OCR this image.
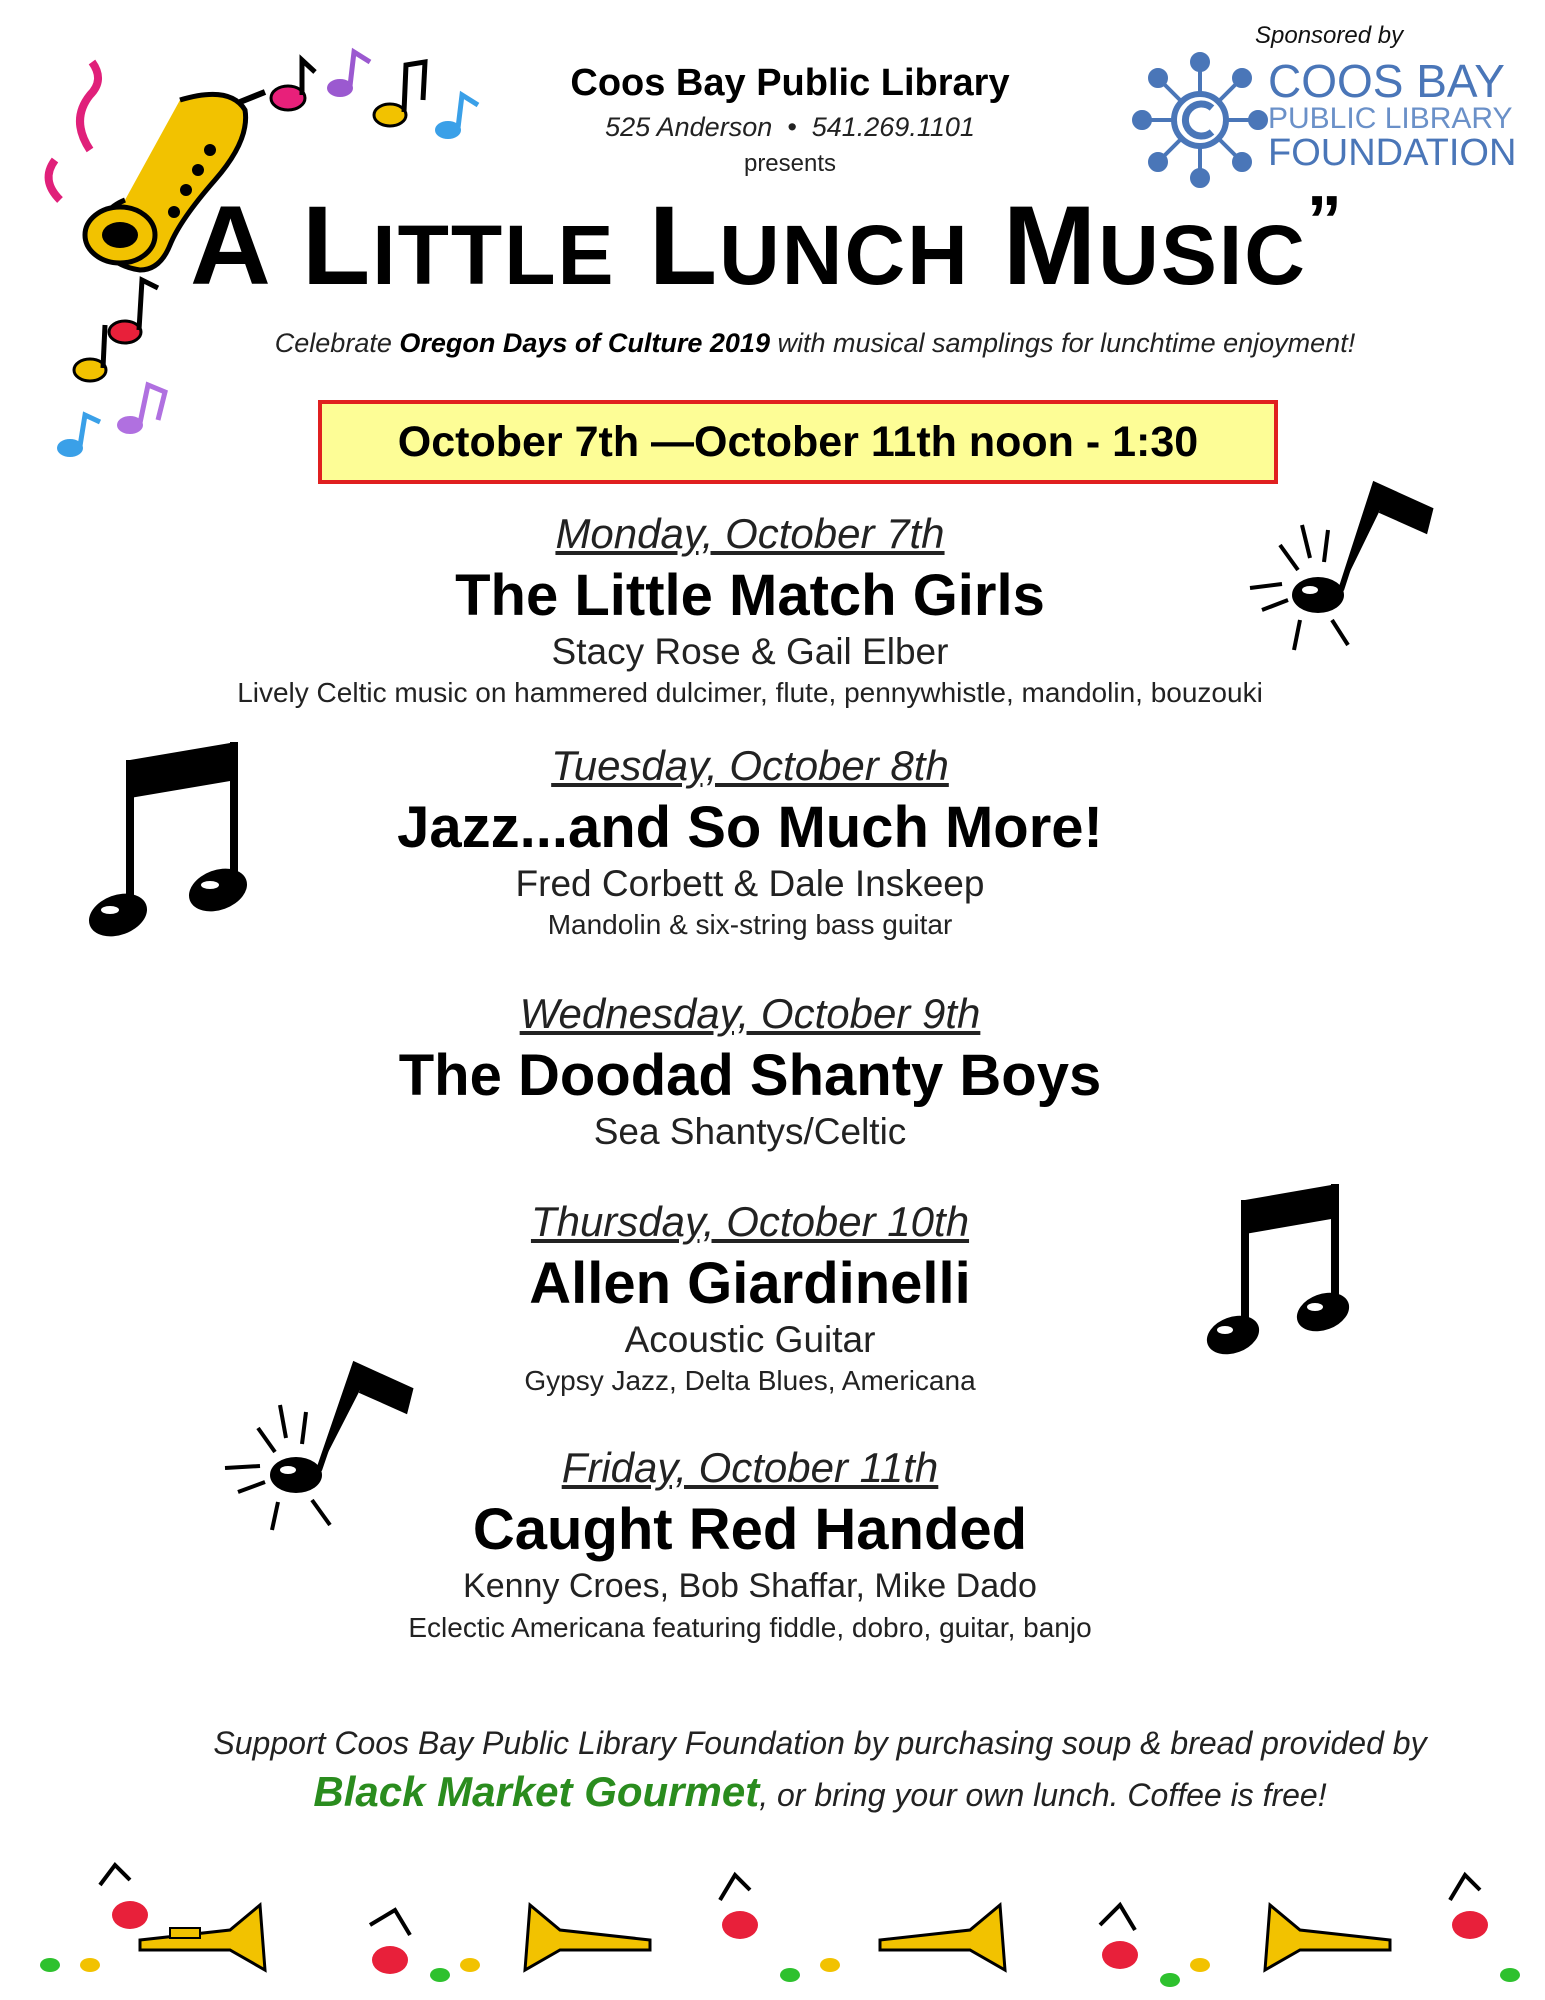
Coos Bay Public Library
525 Anderson  •  541.269.1101
presents
Sponsored by
COOS BAY
PUBLIC LIBRARY
FOUNDATION
A LITTLE LUNCH MUSIC”
Celebrate Oregon Days of Culture 2019 with musical samplings for lunchtime enjoyment!
October 7th —October 11th noon - 1:30
Monday, October 7th
The Little Match Girls
Stacy Rose & Gail Elber
Lively Celtic music on hammered dulcimer, flute, pennywhistle, mandolin, bouzouki
Tuesday, October 8th
Jazz...and So Much More!
Fred Corbett & Dale Inskeep
Mandolin & six-string bass guitar
Wednesday, October 9th
The Doodad Shanty Boys
Sea Shantys/Celtic
Thursday, October 10th
Allen Giardinelli
Acoustic Guitar
Gypsy Jazz, Delta Blues, Americana
Friday, October 11th
Caught Red Handed
Kenny Croes, Bob Shaffar, Mike Dado
Eclectic Americana featuring fiddle, dobro, guitar, banjo
Support Coos Bay Public Library Foundation by purchasing soup & bread provided by
Black Market Gourmet, or bring your own lunch. Coffee is free!
